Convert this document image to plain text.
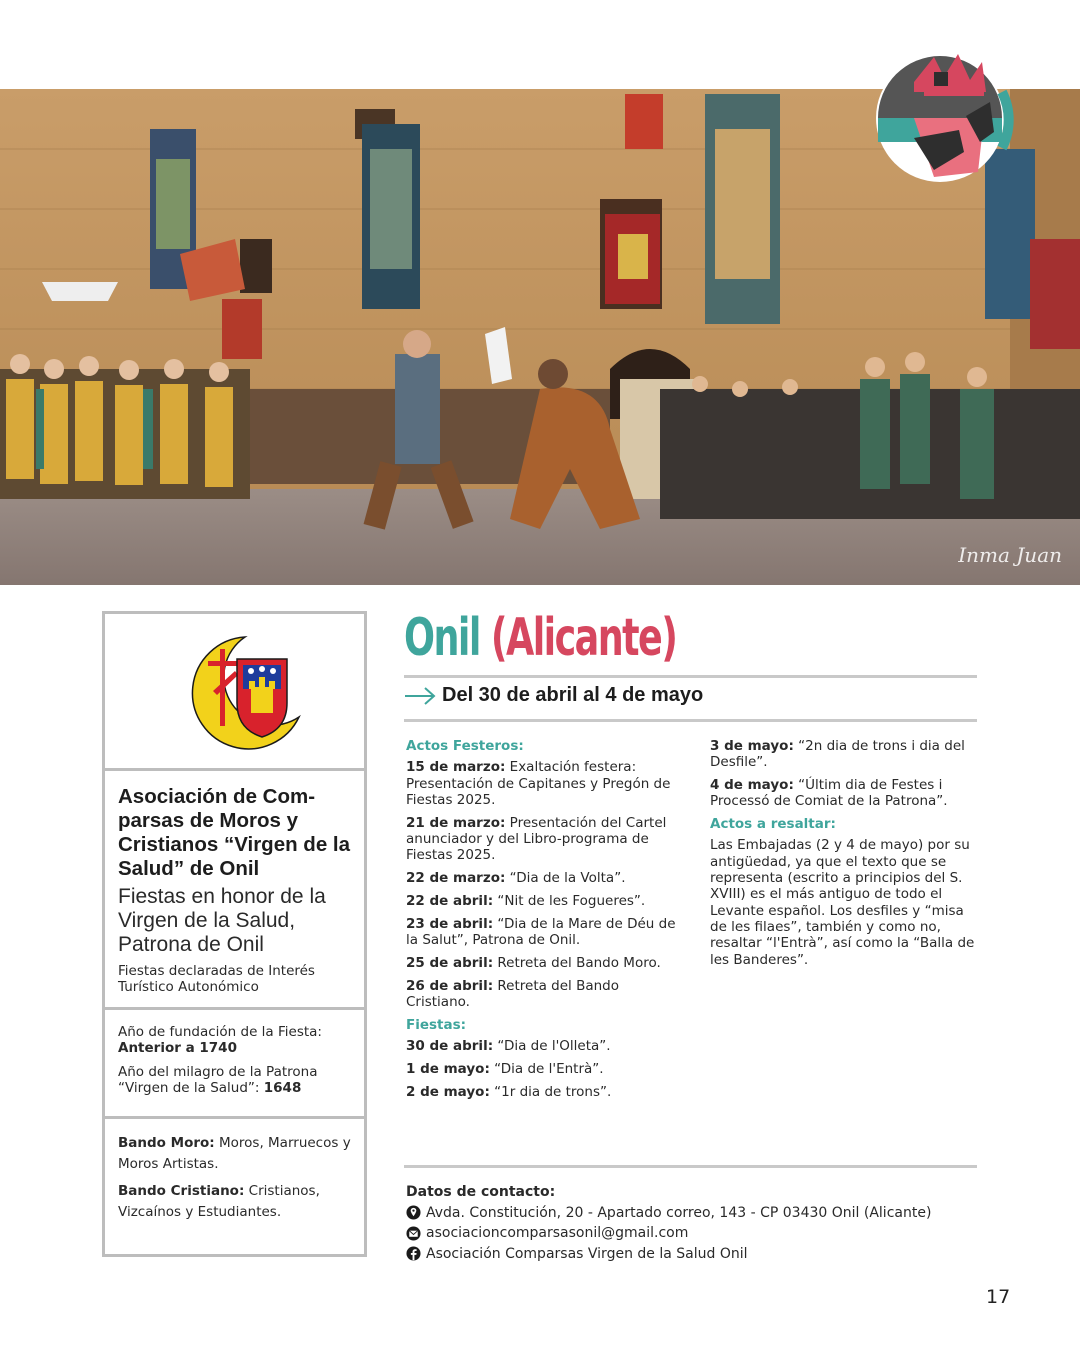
Inma Juan
Asociación de Com- parsas de Moros y Cristianos “Virgen de la Salud” de Onil
Fiestas en honor de la Virgen de la Salud, Patrona de Onil
Fiestas declaradas de Interés Turístico Autonómico

Año de fundación de la Fiesta:
Anterior a 1740

Año del milagro de la Patrona “Virgen de la Salud”: 1648

Bando Moro: Moros, Marruecos y Moros Artistas.

Bando Cristiano: Cristianos, Vizcaínos y Estudiantes.

Onil (Alicante)
Del 30 de abril al 4 de mayo

Actos Festeros:

15 de marzo: Exaltación festera: Presentación de Capitanes y Pregón de Fiestas 2025.

21 de marzo: Presentación del Cartel anunciador y del Libro-programa de Fiestas 2025.

22 de marzo: “Dia de la Volta”.

22 de abril: “Nit de les Fogueres”.

23 de abril: “Dia de la Mare de Déu de la Salut”, Patrona de Onil.

25 de abril: Retreta del Bando Moro.

26 de abril: Retreta del Bando Cristiano.

Fiestas:

30 de abril: “Dia de l'Olleta”.

1 de mayo: “Dia de l'Entrà”.

2 de mayo: “1r dia de trons”.

3 de mayo: “2n dia de trons i dia del Desfile”.

4 de mayo: “Últim dia de Festes i Processó de Comiat de la Patrona”.

Actos a resaltar:

Las Embajadas (2 y 4 de mayo) por su antigüedad, ya que el texto que se representa (escrito a principios del S. XVIII) es el más antiguo de todo el Levante español. Los desfiles y “misa de les filaes”, también y como no, resaltar “l'Entrà”, así como la “Balla de les Banderes”.

Datos de contacto:
Avda. Constitución, 20 - Apartado correo, 143 - CP 03430 Onil (Alicante)
asociacioncomparsasonil@gmail.com
Asociación Comparsas Virgen de la Salud Onil
17
